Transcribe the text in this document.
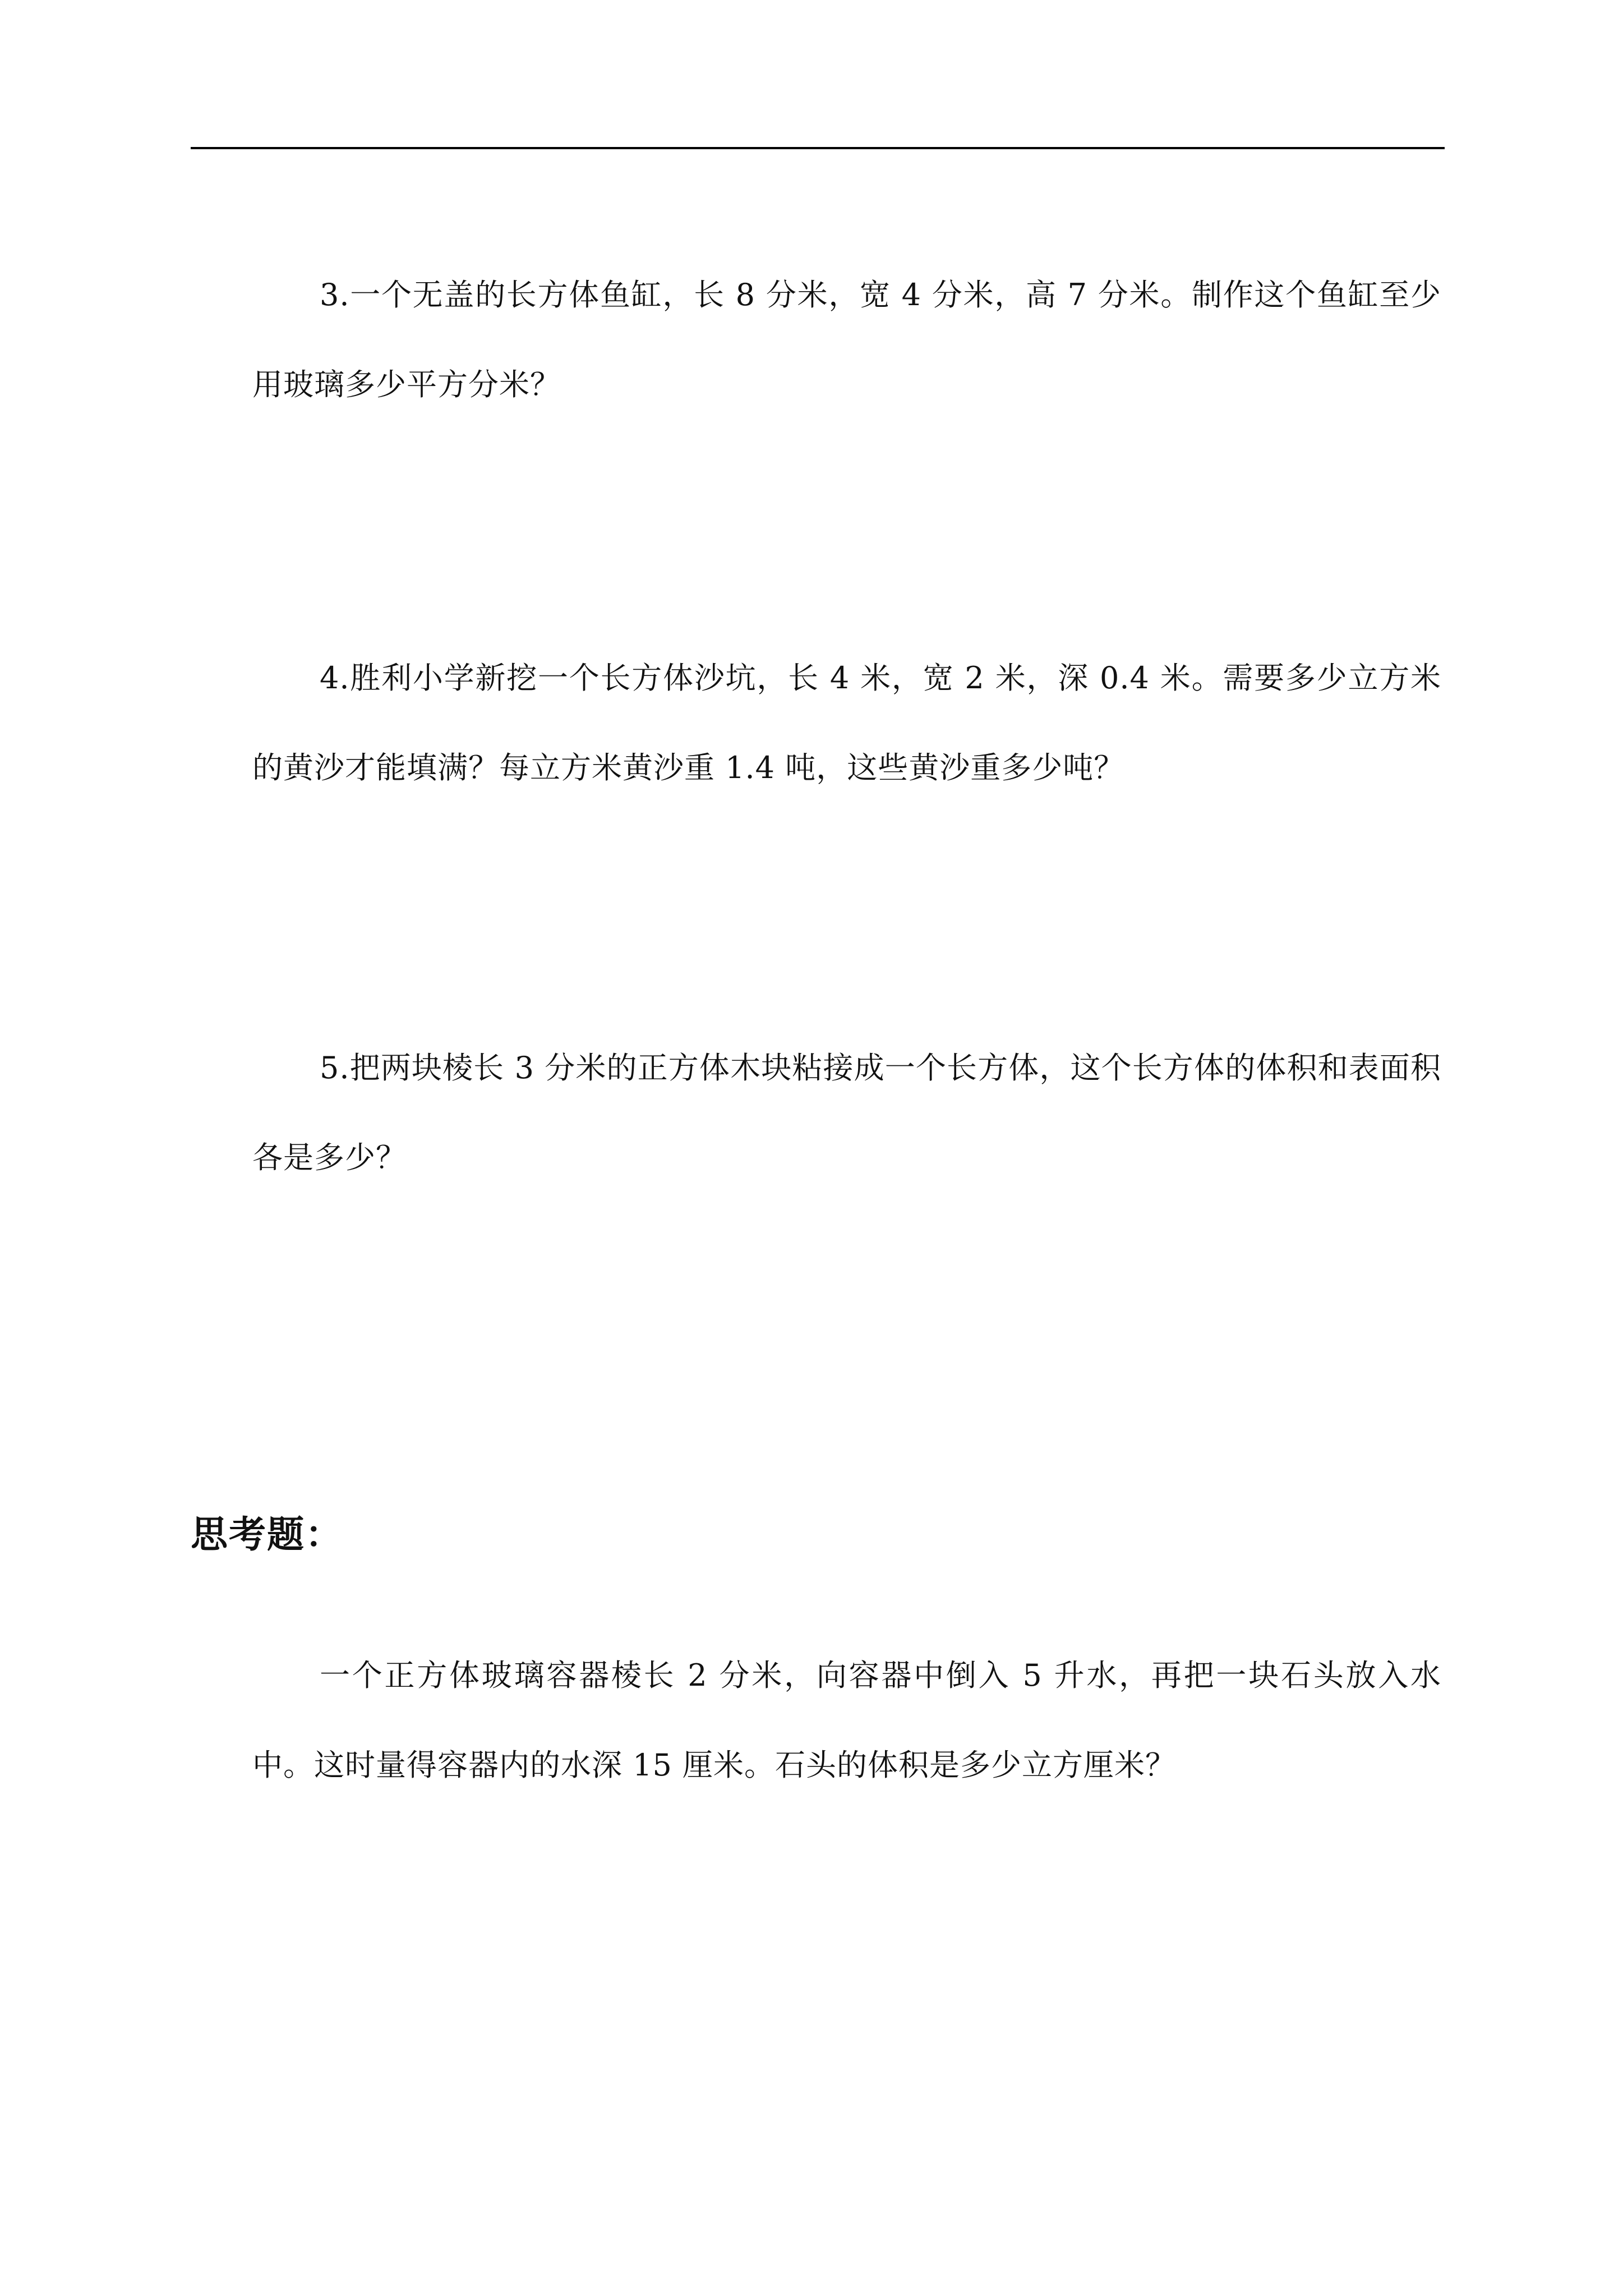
3.一个无盖的长方体鱼缸，长 8 分米，宽 4 分米，高 7 分米。制作这个鱼缸至少用玻璃多少平方分米？

4.胜利小学新挖一个长方体沙坑，长 4 米，宽 2 米，深 0.4 米。需要多少立方米的黄沙才能填满？每立方米黄沙重 1.4 吨，这些黄沙重多少吨？

5.把两块棱长 3 分米的正方体木块粘接成一个长方体，这个长方体的体积和表面积各是多少？

思考题：

一个正方体玻璃容器棱长 2 分米，向容器中倒入 5 升水，再把一块石头放入水中。这时量得容器内的水深 15 厘米。石头的体积是多少立方厘米？
